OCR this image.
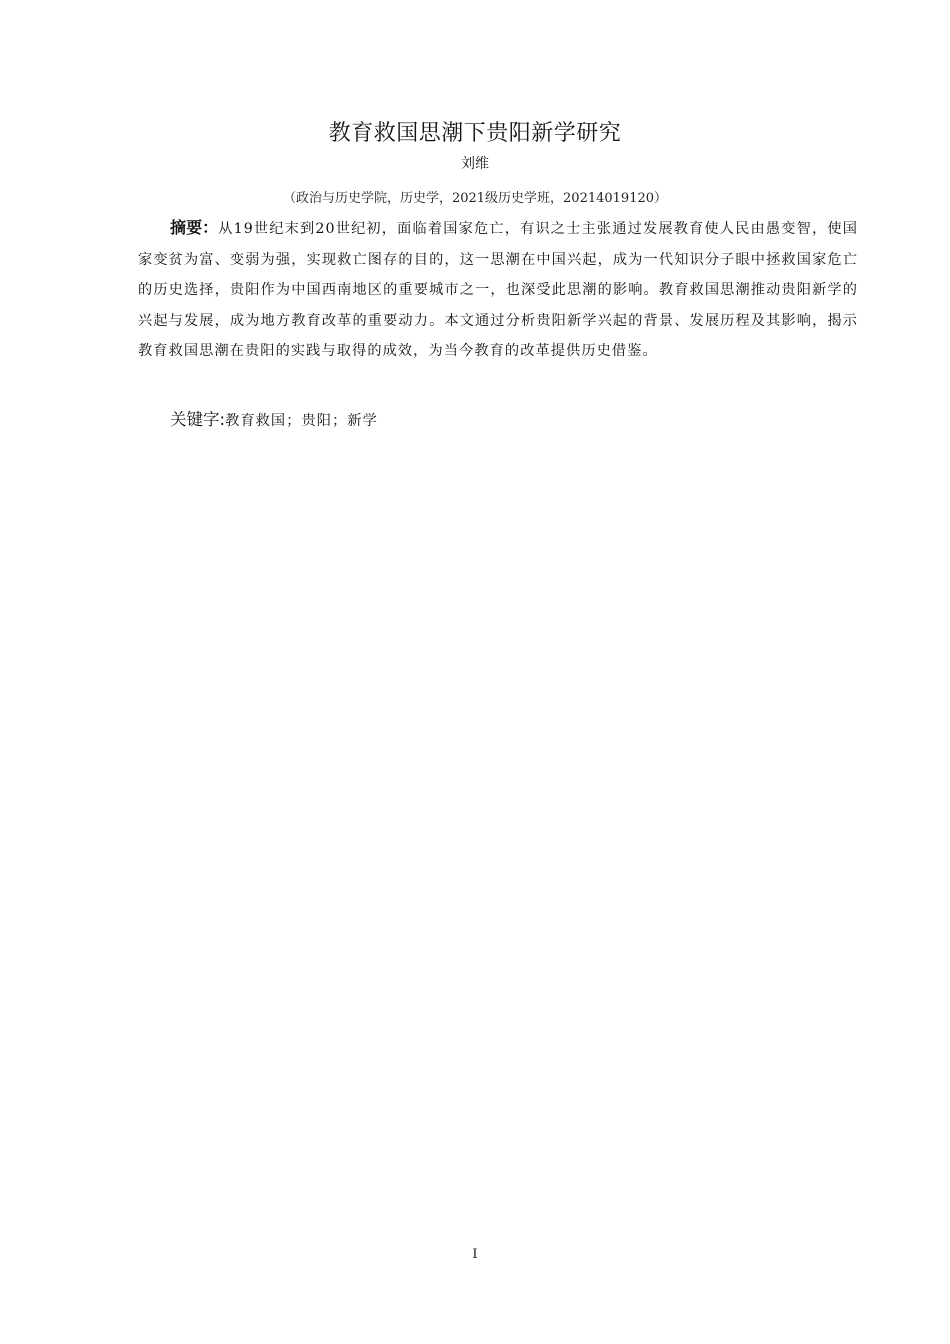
教育救国思潮下贵阳新学研究
刘维
（政治与历史学院，历史学，2021级历史学班，20214019120）
摘要：从19世纪末到20世纪初，面临着国家危亡，有识之士主张通过发展教育使人民由愚变智，使国家变贫为富、变弱为强，实现救亡图存的目的，这一思潮在中国兴起，成为一代知识分子眼中拯救国家危亡的历史选择，贵阳作为中国西南地区的重要城市之一，也深受此思潮的影响。教育救国思潮推动贵阳新学的兴起与发展，成为地方教育改革的重要动力。本文通过分析贵阳新学兴起的背景、发展历程及其影响，揭示教育救国思潮在贵阳的实践与取得的成效，为当今教育的改革提供历史借鉴。
关键字:教育救国；贵阳；新学
I
